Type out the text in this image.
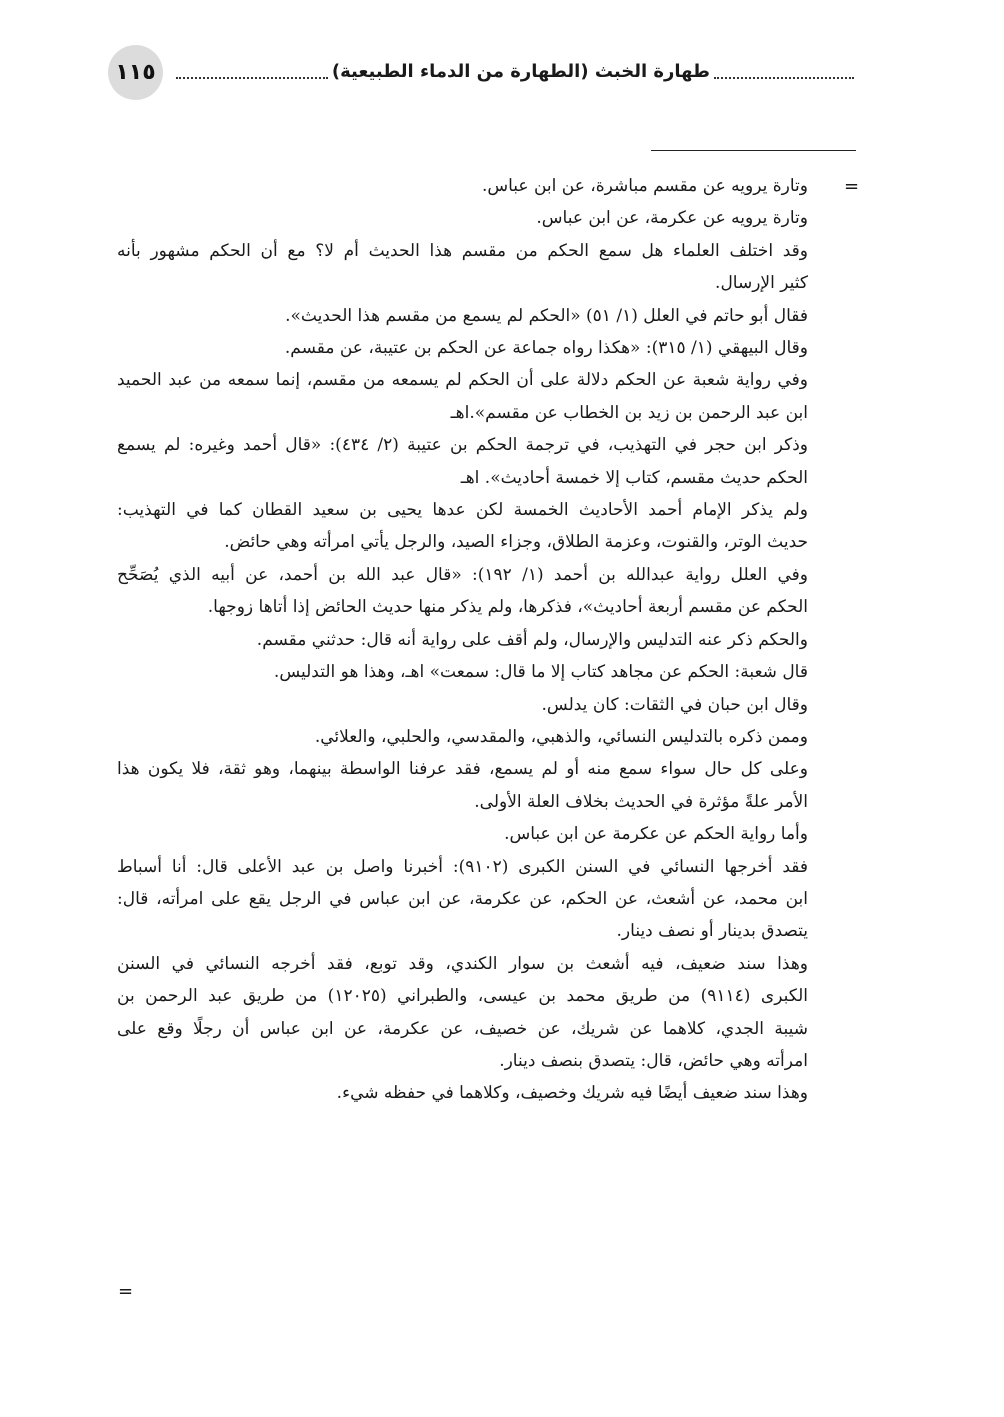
١١٥	طهارة الخبث (الطهارة من الدماء الطبيعية)
=
=
وتارة يرويه عن مقسم مباشرة، عن ابن عباس.
وتارة يرويه عن عكرمة، عن ابن عباس.
وقد اختلف العلماء هل سمع الحكم من مقسم هذا الحديث أم لا؟ مع أن الحكم مشهور بأنه
كثير الإرسال.
فقال أبو حاتم في العلل (١/ ٥١) «الحكم لم يسمع من مقسم هذا الحديث».
وقال البيهقي (١/ ٣١٥): «هكذا رواه جماعة عن الحكم بن عتيبة، عن مقسم.
وفي رواية شعبة عن الحكم دلالة على أن الحكم لم يسمعه من مقسم، إنما سمعه من عبد الحميد
ابن عبد الرحمن بن زيد بن الخطاب عن مقسم».اهـ
وذكر ابن حجر في التهذيب، في ترجمة الحكم بن عتيبة (٢/ ٤٣٤): «قال أحمد وغيره: لم يسمع
الحكم حديث مقسم، كتاب إلا خمسة أحاديث». اهـ
ولم يذكر الإمام أحمد الأحاديث الخمسة لكن عدها يحيى بن سعيد القطان كما في التهذيب:
حديث الوتر، والقنوت، وعزمة الطلاق، وجزاء الصيد، والرجل يأتي امرأته وهي حائض.
وفي العلل رواية عبدالله بن أحمد (١/ ١٩٢): «قال عبد الله بن أحمد، عن أبيه الذي يُصَحِّح
الحكم عن مقسم أربعة أحاديث»، فذكرها، ولم يذكر منها حديث الحائض إذا أتاها زوجها.
والحكم ذكر عنه التدليس والإرسال، ولم أقف على رواية أنه قال: حدثني مقسم.
قال شعبة: الحكم عن مجاهد كتاب إلا ما قال: سمعت» اهـ، وهذا هو التدليس.
وقال ابن حبان في الثقات: كان يدلس.
وممن ذكره بالتدليس النسائي، والذهبي، والمقدسي، والحلبي، والعلائي.
وعلى كل حال سواء سمع منه أو لم يسمع، فقد عرفنا الواسطة بينهما، وهو ثقة، فلا يكون هذا
الأمر علةً مؤثرة في الحديث بخلاف العلة الأولى.
وأما رواية الحكم عن عكرمة عن ابن عباس.
فقد أخرجها النسائي في السنن الكبرى (٩١٠٢): أخبرنا واصل بن عبد الأعلى قال: أنا أسباط
ابن محمد، عن أشعث، عن الحكم، عن عكرمة، عن ابن عباس في الرجل يقع على امرأته، قال:
يتصدق بدينار أو نصف دينار.
وهذا سند ضعيف، فيه أشعث بن سوار الكندي، وقد توبع، فقد أخرجه النسائي في السنن
الكبرى (٩١١٤) من طريق محمد بن عيسى، والطبراني (١٢٠٢٥) من طريق عبد الرحمن بن
شيبة الجدي، كلاهما عن شريك، عن خصيف، عن عكرمة، عن ابن عباس أن رجلًا وقع على
امرأته وهي حائض، قال: يتصدق بنصف دينار.
وهذا سند ضعيف أيضًا فيه شريك وخصيف، وكلاهما في حفظه شيء.
